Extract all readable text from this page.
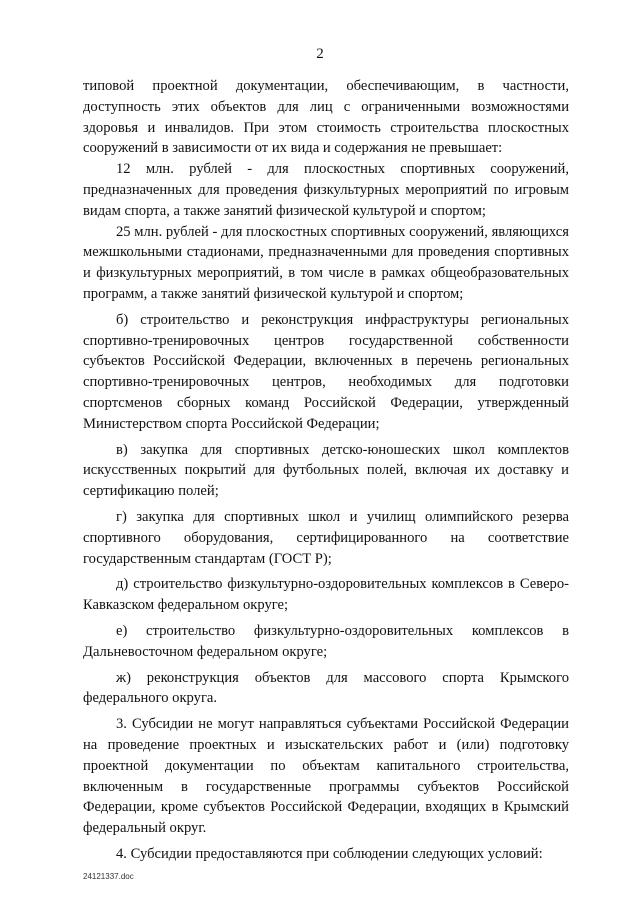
2

типовой проектной документации, обеспечивающим, в частности, доступность этих объектов для лиц с ограниченными возможностями здоровья и инвалидов. При этом стоимость строительства плоскостных сооружений в зависимости от их вида и содержания не превышает:

12 млн. рублей - для плоскостных спортивных сооружений, предназначенных для проведения физкультурных мероприятий по игровым видам спорта, а также занятий физической культурой и спортом;

25 млн. рублей - для плоскостных спортивных сооружений, являющихся межшкольными стадионами, предназначенными для проведения спортивных и физкультурных мероприятий, в том числе в рамках общеобразовательных программ, а также занятий физической культурой и спортом;

б) строительство и реконструкция инфраструктуры региональных спортивно-тренировочных центров государственной собственности субъектов Российской Федерации, включенных в перечень региональных спортивно-тренировочных центров, необходимых для подготовки спортсменов сборных команд Российской Федерации, утвержденный Министерством спорта Российской Федерации;

в) закупка для спортивных детско-юношеских школ комплектов искусственных покрытий для футбольных полей, включая их доставку и сертификацию полей;

г) закупка для спортивных школ и училищ олимпийского резерва спортивного оборудования, сертифицированного на соответствие государственным стандартам (ГОСТ Р);

д) строительство физкультурно-оздоровительных комплексов в Северо-Кавказском федеральном округе;

е) строительство физкультурно-оздоровительных комплексов в Дальневосточном федеральном округе;

ж) реконструкция объектов для массового спорта Крымского федерального округа.

3. Субсидии не могут направляться субъектами Российской Федерации на проведение проектных и изыскательских работ и (или) подготовку проектной документации по объектам капитального строительства, включенным в государственные программы субъектов Российской Федерации, кроме субъектов Российской Федерации, входящих в Крымский федеральный округ.

4. Субсидии предоставляются при соблюдении следующих условий:

24121337.doc
